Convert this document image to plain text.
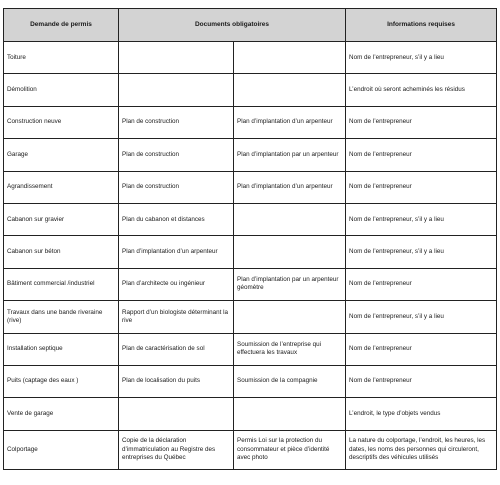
Demande de permis	Documents obligatoires		Informations requises
Toiture			Nom de l’entrepreneur, s’il y a lieu
Démolition			L’endroit où seront acheminés les résidus
Construction neuve	Plan de construction	Plan d’implantation d’un arpenteur	Nom de l’entrepreneur
Garage	Plan de construction	Plan d’implantation par un arpenteur	Nom de l’entrepreneur
Agrandissement	Plan de construction	Plan d’implantation d’un arpenteur	Nom de l’entrepreneur
Cabanon sur gravier	Plan du cabanon et distances		Nom de l’entrepreneur, s’il y a lieu
Cabanon sur béton	Plan d’implantation d’un arpenteur		Nom de l’entrepreneur, s’il y a lieu
Bâtiment commercial /industriel	Plan d’architecte ou ingénieur	Plan d’implantation par un arpenteur géomètre	Nom de l’entrepreneur
Travaux dans une bande riveraine (rive)	Rapport d’un biologiste déterminant la rive		Nom de l’entrepreneur, s’il y a lieu
Installation septique	Plan de caractérisation de sol	Soumission de l’entreprise qui effectuera les travaux	Nom de l’entrepreneur
Puits (captage des eaux )	Plan de localisation du puits	Soumission de la compagnie	Nom de l’entrepreneur
Vente de garage			L’endroit, le type d’objets vendus
Colportage	Copie de la déclaration d’immatriculation au Registre des entreprises du Québec	Permis Loi sur la protection du consommateur et pièce d’identité avec photo	La nature du colportage, l’endroit, les heures, les dates, les noms des personnes qui circuleront, descriptifs des véhicules utilisés
